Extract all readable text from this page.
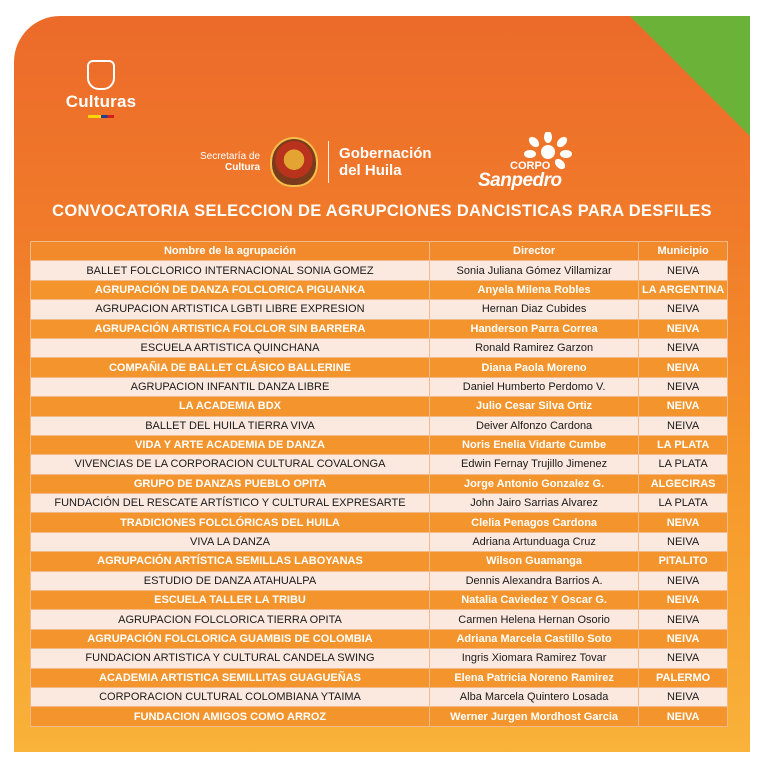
Culturas
Secretaría de
Cultura
Gobernación
del Huila	CORPO
Sanpedro
CONVOCATORIA SELECCION DE AGRUPCIONES DANCISTICAS PARA DESFILES
Nombre de la agrupación	Director	Municipio
BALLET FOLCLORICO INTERNACIONAL SONIA GOMEZ	Sonia Juliana Gómez Villamizar	NEIVA
AGRUPACIÓN DE DANZA FOLCLORICA PIGUANKA	Anyela Milena Robles	LA ARGENTINA
AGRUPACION ARTISTICA LGBTI LIBRE EXPRESION	Hernan Diaz Cubides	NEIVA
AGRUPACIÓN ARTISTICA FOLCLOR SIN BARRERA	Handerson Parra Correa	NEIVA
ESCUELA ARTISTICA QUINCHANA	Ronald Ramirez Garzon	NEIVA
COMPAÑIA DE BALLET CLÁSICO BALLERINE	Diana Paola Moreno	NEIVA
AGRUPACION INFANTIL DANZA LIBRE	Daniel Humberto Perdomo V.	NEIVA
LA ACADEMIA BDX	Julio Cesar Silva Ortiz	NEIVA
BALLET DEL HUILA TIERRA VIVA	Deiver Alfonzo Cardona	NEIVA
VIDA Y ARTE ACADEMIA DE DANZA	Noris Enelia Vidarte Cumbe	LA PLATA
VIVENCIAS DE LA CORPORACION CULTURAL COVALONGA	Edwin Fernay Trujillo Jimenez	LA PLATA
GRUPO DE DANZAS PUEBLO OPITA	Jorge Antonio Gonzalez G.	ALGECIRAS
FUNDACIÓN DEL RESCATE ARTÍSTICO Y CULTURAL EXPRESARTE	John Jairo Sarrias Alvarez	LA PLATA
TRADICIONES FOLCLÓRICAS DEL HUILA	Clelia Penagos Cardona	NEIVA
VIVA LA DANZA	Adriana Artunduaga Cruz	NEIVA
AGRUPACIÓN ARTÍSTICA SEMILLAS LABOYANAS	Wilson Guamanga	PITALITO
ESTUDIO DE DANZA ATAHUALPA	Dennis Alexandra Barrios A.	NEIVA
ESCUELA TALLER LA TRIBU	Natalia Caviedez Y Oscar G.	NEIVA
AGRUPACION FOLCLORICA TIERRA OPITA	Carmen Helena Hernan Osorio	NEIVA
AGRUPACIÓN FOLCLORICA GUAMBIS DE COLOMBIA	Adriana Marcela Castillo Soto	NEIVA
FUNDACION ARTISTICA Y CULTURAL CANDELA SWING	Ingris Xiomara Ramirez Tovar	NEIVA
ACADEMIA ARTISTICA SEMILLITAS GUAGUEÑAS	Elena Patricia Noreno Ramirez	PALERMO
CORPORACION CULTURAL COLOMBIANA YTAIMA	Alba Marcela Quintero Losada	NEIVA
FUNDACION AMIGOS COMO ARROZ	Werner Jurgen Mordhost Garcia	NEIVA
